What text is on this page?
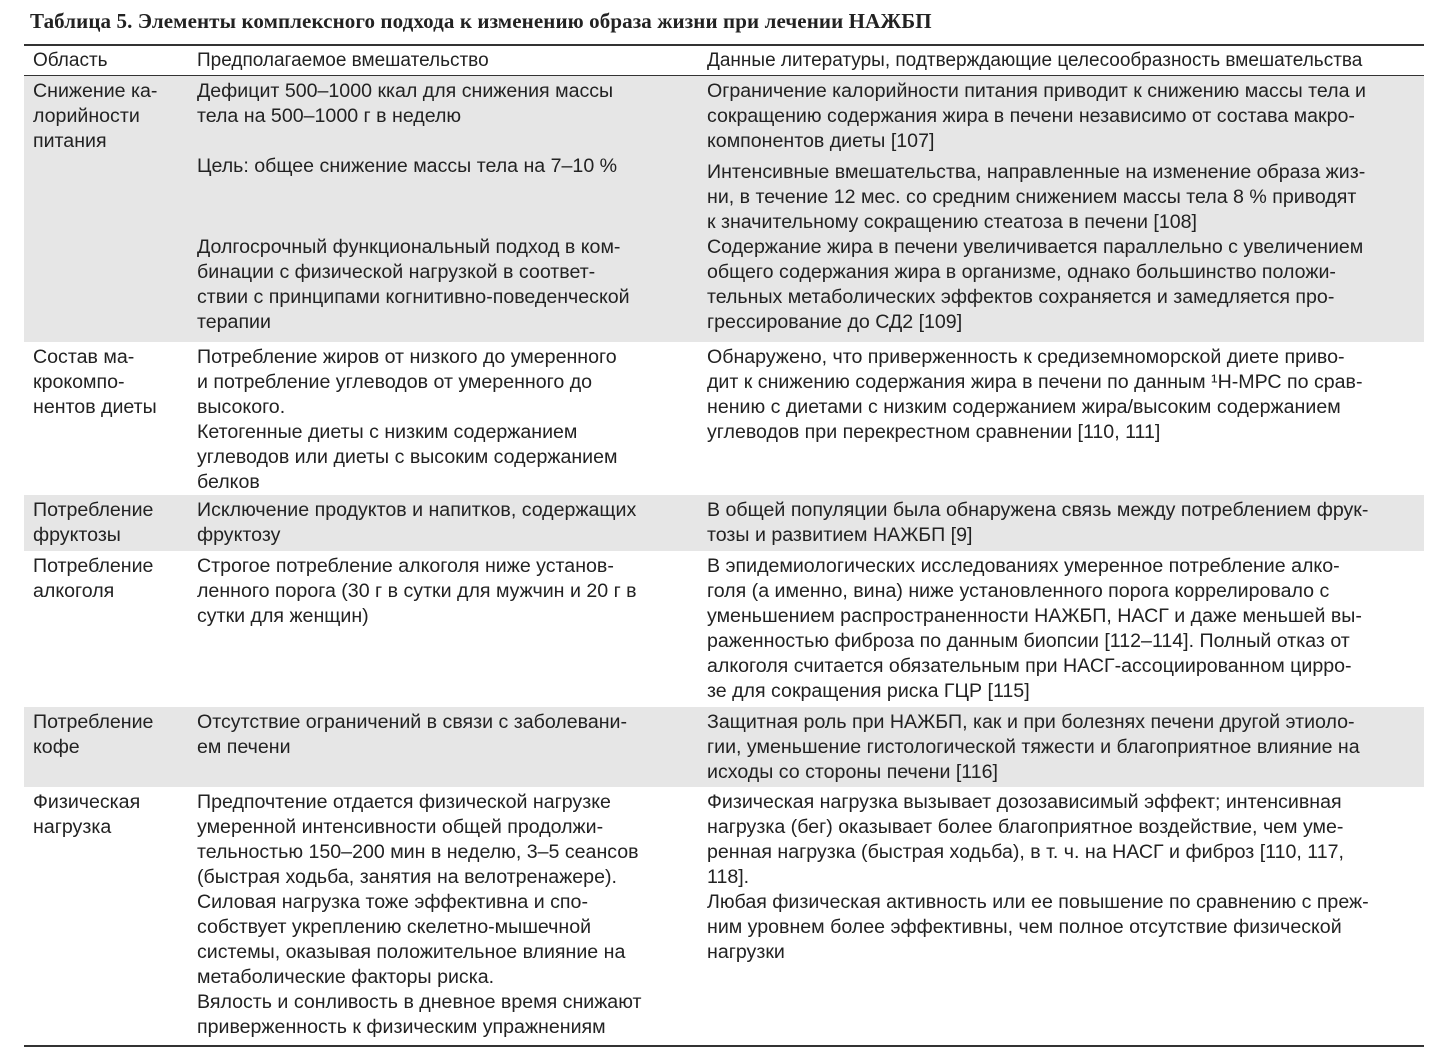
Таблица 5. Элементы комплексного подхода к изменению образа жизни при лечении НАЖБП
Область	Предполагаемое вмешательство	Данные литературы, подтверждающие целесообразность вмешательства
Снижение ка-
лорийности
питания
Дефицит 500–1000 ккал для снижения массы
тела на 500–1000 г в неделю
Цель: общее снижение массы тела на 7–10 %
Долгосрочный функциональный подход в ком-
бинации с физической нагрузкой в соответ-
ствии с принципами когнитивно-поведенческой
терапии
Ограничение калорийности питания приводит к снижению массы тела и
сокращению содержания жира в печени независимо от состава макро-
компонентов диеты [107]
Интенсивные вмешательства, направленные на изменение образа жиз-
ни, в течение 12 мес. со средним снижением массы тела 8 % приводят
к значительному сокращению стеатоза в печени [108]
Содержание жира в печени увеличивается параллельно с увеличением
общего содержания жира в организме, однако большинство положи-
тельных метаболических эффектов сохраняется и замедляется про-
грессирование до СД2 [109]
Состав ма-
крокомпо-
нентов диеты
Потребление жиров от низкого до умеренного
и потребление углеводов от умеренного до
высокого.
Кетогенные диеты с низким содержанием
углеводов или диеты с высоким содержанием
белков
Обнаружено, что приверженность к средиземноморской диете приво-
дит к снижению содержания жира в печени по данным ¹Н-МРС по срав-
нению с диетами с низким содержанием жира/высоким содержанием
углеводов при перекрестном сравнении [110, 111]
Потребление
фруктозы
Исключение продуктов и напитков, содержащих
фруктозу
В общей популяции была обнаружена связь между потреблением фрук-
тозы и развитием НАЖБП [9]
Потребление
алкоголя
Строгое потребление алкоголя ниже установ-
ленного порога (30 г в сутки для мужчин и 20 г в
сутки для женщин)
В эпидемиологических исследованиях умеренное потребление алко-
голя (а именно, вина) ниже установленного порога коррелировало с
уменьшением распространенности НАЖБП, НАСГ и даже меньшей вы-
раженностью фиброза по данным биопсии [112–114]. Полный отказ от
алкоголя считается обязательным при НАСГ-ассоциированном цирро-
зе для сокращения риска ГЦР [115]
Потребление
кофе
Отсутствие ограничений в связи с заболевани-
ем печени
Защитная роль при НАЖБП, как и при болезнях печени другой этиоло-
гии, уменьшение гистологической тяжести и благоприятное влияние на
исходы со стороны печени [116]
Физическая
нагрузка
Предпочтение отдается физической нагрузке
умеренной интенсивности общей продолжи-
тельностью 150–200 мин в неделю, 3–5 сеансов
(быстрая ходьба, занятия на велотренажере).
Силовая нагрузка тоже эффективна и спо-
собствует укреплению скелетно-мышечной
системы, оказывая положительное влияние на
метаболические факторы риска.
Вялость и сонливость в дневное время снижают
приверженность к физическим упражнениям
Физическая нагрузка вызывает дозозависимый эффект; интенсивная
нагрузка (бег) оказывает более благоприятное воздействие, чем уме-
ренная нагрузка (быстрая ходьба), в т. ч. на НАСГ и фиброз [110, 117,
118].
Любая физическая активность или ее повышение по сравнению с преж-
ним уровнем более эффективны, чем полное отсутствие физической
нагрузки
